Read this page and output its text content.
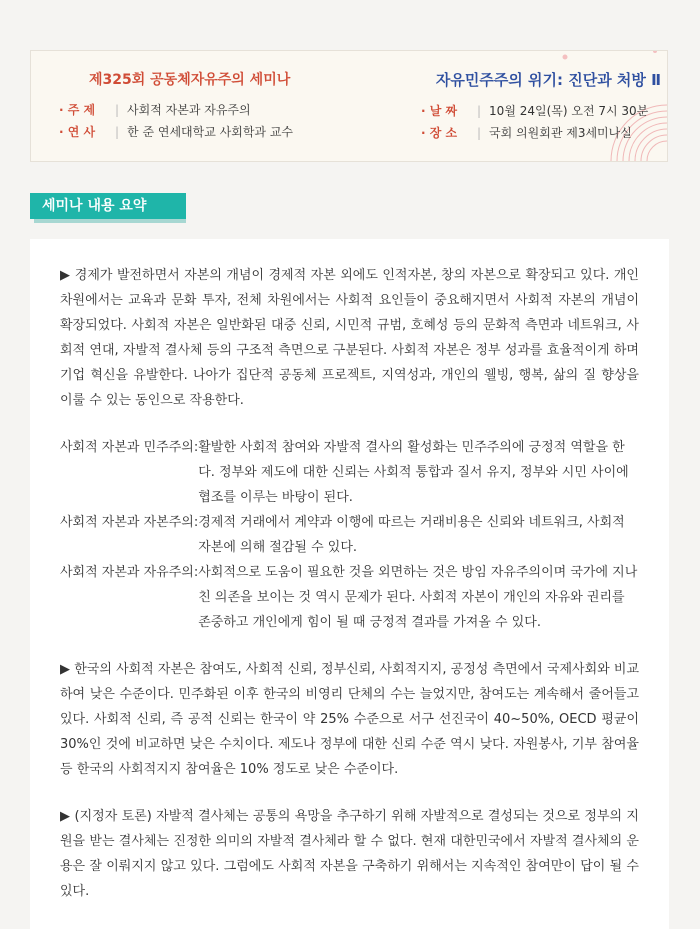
제325회 공동체자유주의 세미나
· 주 제 | 사회적 자본과 자유주의
· 연 사 | 한 준 연세대학교 사회학과 교수
자유민주주의 위기: 진단과 처방 Ⅱ
· 날 짜 | 10월 24일(목) 오전 7시 30분
· 장 소 | 국회 의원회관 제3세미나실
세미나 내용 요약

▶ 경제가 발전하면서 자본의 개념이 경제적 자본 외에도 인적자본, 창의 자본으로 확장되고 있다. 개인 차원에서는 교육과 문화 투자, 전체 차원에서는 사회적 요인들이 중요해지면서 사회적 자본의 개념이 확장되었다. 사회적 자본은 일반화된 대중 신뢰, 시민적 규범, 호혜성 등의 문화적 측면과 네트워크, 사회적 연대, 자발적 결사체 등의 구조적 측면으로 구분된다. 사회적 자본은 정부 성과를 효율적이게 하며 기업 혁신을 유발한다. 나아가 집단적 공동체 프로젝트, 지역성과, 개인의 웰빙, 행복, 삶의 질 향상을 이룰 수 있는 동인으로 작용한다.

사회적 자본과 민주주의: 활발한 사회적 참여와 자발적 결사의 활성화는 민주주의에 긍정적 역할을 한다. 정부와 제도에 대한 신뢰는 사회적 통합과 질서 유지, 정부와 시민 사이에 협조를 이루는 바탕이 된다.
사회적 자본과 자본주의: 경제적 거래에서 계약과 이행에 따르는 거래비용은 신뢰와 네트워크, 사회적 자본에 의해 절감될 수 있다.
사회적 자본과 자유주의: 사회적으로 도움이 필요한 것을 외면하는 것은 방임 자유주의이며 국가에 지나친 의존을 보이는 것 역시 문제가 된다. 사회적 자본이 개인의 자유와 권리를 존중하고 개인에게 힘이 될 때 긍정적 결과를 가져올 수 있다.

▶ 한국의 사회적 자본은 참여도, 사회적 신뢰, 정부신뢰, 사회적지지, 공정성 측면에서 국제사회와 비교하여 낮은 수준이다. 민주화된 이후 한국의 비영리 단체의 수는 늘었지만, 참여도는 계속해서 줄어들고 있다. 사회적 신뢰, 즉 공적 신뢰는 한국이 약 25% 수준으로 서구 선진국이 40~50%, OECD 평균이 30%인 것에 비교하면 낮은 수치이다. 제도나 정부에 대한 신뢰 수준 역시 낮다. 자원봉사, 기부 참여율 등 한국의 사회적지지 참여율은 10% 정도로 낮은 수준이다.

▶ (지정자 토론) 자발적 결사체는 공통의 욕망을 추구하기 위해 자발적으로 결성되는 것으로 정부의 지원을 받는 결사체는 진정한 의미의 자발적 결사체라 할 수 없다. 현재 대한민국에서 자발적 결사체의 운용은 잘 이뤄지지 않고 있다. 그럼에도 사회적 자본을 구축하기 위해서는 지속적인 참여만이 답이 될 수 있다.
